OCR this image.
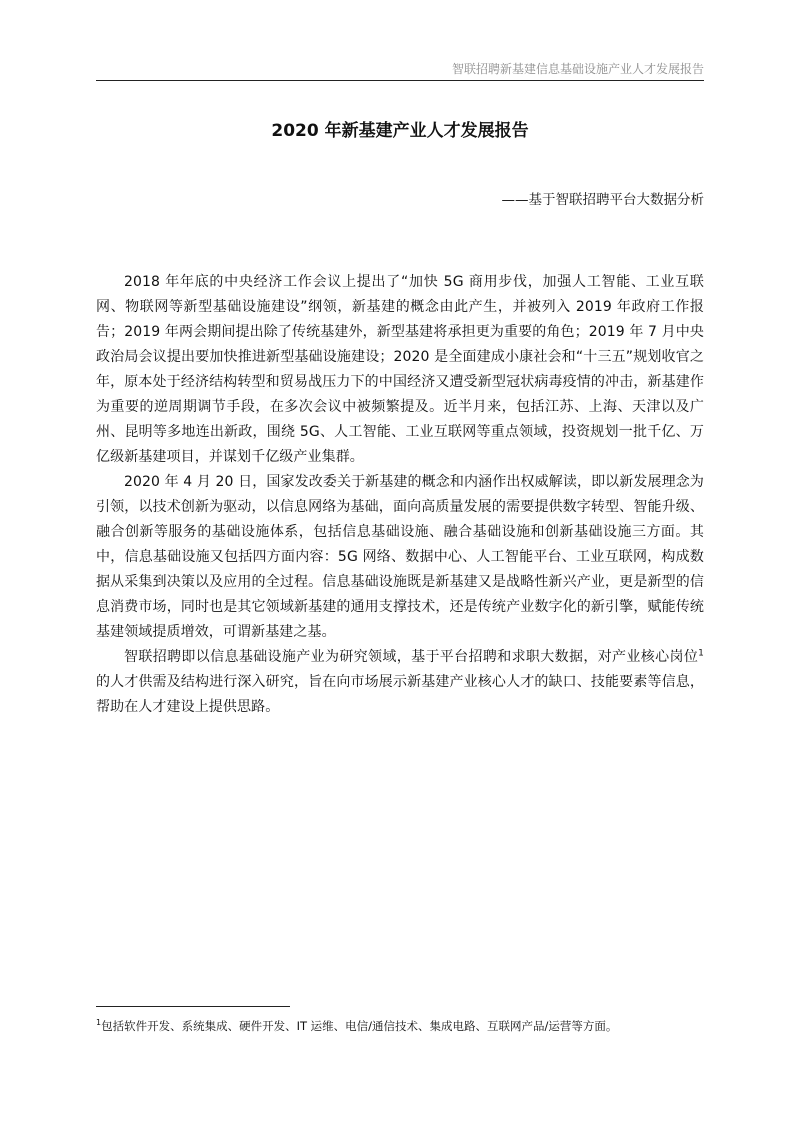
智联招聘新基建信息基础设施产业人才发展报告
2020 年新基建产业人才发展报告
——基于智联招聘平台大数据分析

2018 年年底的中央经济工作会议上提出了“加快 5G 商用步伐，加强人工智能、工业互联网、物联网等新型基础设施建设”纲领，新基建的概念由此产生，并被列入 2019 年政府工作报告；2019 年两会期间提出除了传统基建外，新型基建将承担更为重要的角色；2019 年 7 月中央政治局会议提出要加快推进新型基础设施建设；2020 是全面建成小康社会和“十三五”规划收官之年，原本处于经济结构转型和贸易战压力下的中国经济又遭受新型冠状病毒疫情的冲击，新基建作为重要的逆周期调节手段，在多次会议中被频繁提及。近半月来，包括江苏、上海、天津以及广州、昆明等多地连出新政，围绕 5G、人工智能、工业互联网等重点领域，投资规划一批千亿、万亿级新基建项目，并谋划千亿级产业集群。

2020 年 4 月 20 日，国家发改委关于新基建的概念和内涵作出权威解读，即以新发展理念为引领，以技术创新为驱动，以信息网络为基础，面向高质量发展的需要提供数字转型、智能升级、融合创新等服务的基础设施体系，包括信息基础设施、融合基础设施和创新基础设施三方面。其中，信息基础设施又包括四方面内容：5G 网络、数据中心、人工智能平台、工业互联网，构成数据从采集到决策以及应用的全过程。信息基础设施既是新基建又是战略性新兴产业，更是新型的信息消费市场，同时也是其它领域新基建的通用支撑技术，还是传统产业数字化的新引擎，赋能传统基建领域提质增效，可谓新基建之基。

智联招聘即以信息基础设施产业为研究领域，基于平台招聘和求职大数据，对产业核心岗位$^1$的人才供需及结构进行深入研究，旨在向市场展示新基建产业核心人才的缺口、技能要素等信息，帮助在人才建设上提供思路。

$^1$包括软件开发、系统集成、硬件开发、IT 运维、电信/通信技术、集成电路、互联网产品/运营等方面。
